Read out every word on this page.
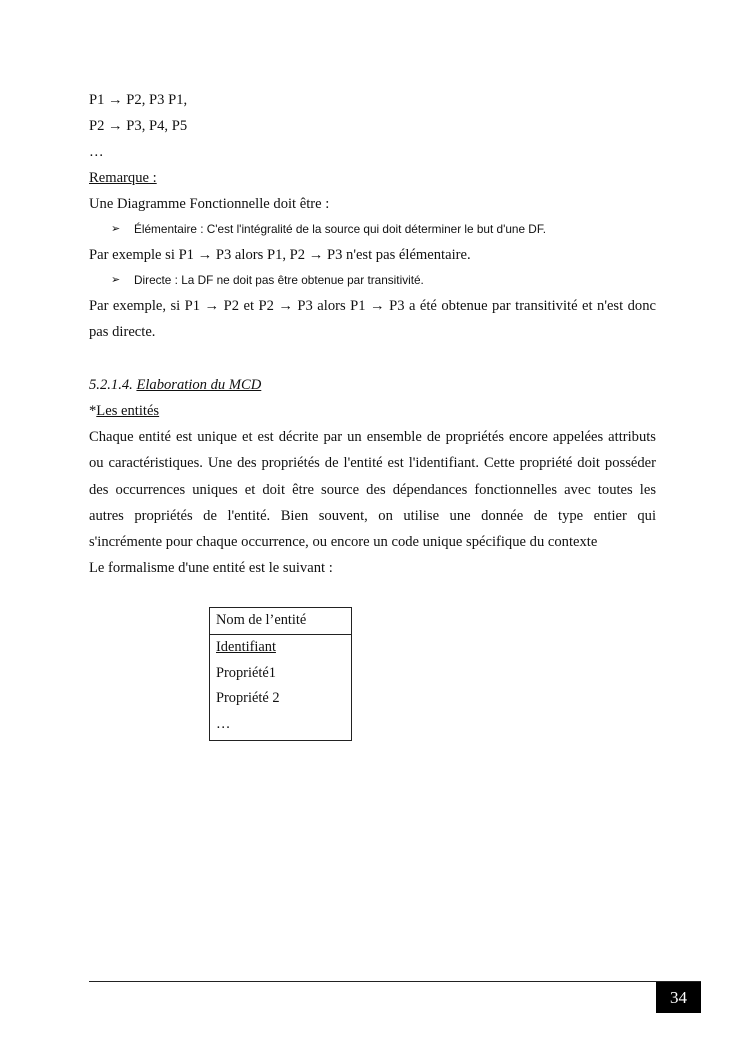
P1 → P2, P3 P1,
P2 → P3, P4, P5
…
Remarque :
Une Diagramme Fonctionnelle doit être :
➢ Élémentaire : C'est l'intégralité de la source qui doit déterminer le but d'une DF.
Par exemple si P1 → P3 alors P1, P2 → P3 n'est pas élémentaire.
➢ Directe : La DF ne doit pas être obtenue par transitivité.
Par exemple, si P1 → P2 et P2 → P3 alors P1 → P3 a été obtenue par transitivité et n'est donc
pas directe.
5.2.1.4. Elaboration du MCD
*Les entités
Chaque entité est unique et est décrite par un ensemble de propriétés encore appelées attributs
ou caractéristiques. Une des propriétés de l'entité est l'identifiant. Cette propriété doit posséder
des occurrences uniques et doit être source des dépendances fonctionnelles avec toutes les
autres propriétés de l'entité. Bien souvent, on utilise une donnée de type entier qui
s'incrémente pour chaque occurrence, ou encore un code unique spécifique du contexte
Le formalisme d'une entité est le suivant :
Nom de l’entité
Identifiant
Propriété1
Propriété 2
…
34
